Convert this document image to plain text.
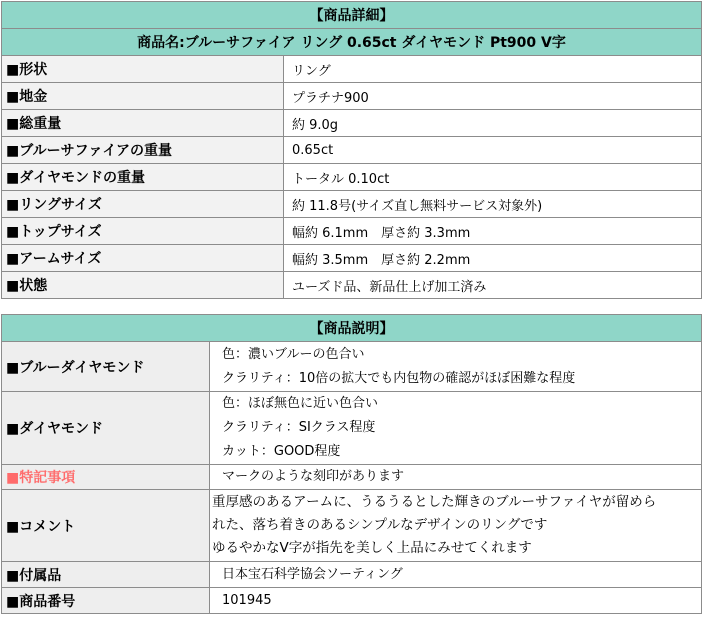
【商品詳細】	
商品名:ブルーサファイア リング 0.65ct ダイヤモンド Pt900 V字	
■形状	リング
■地金	プラチナ900
■総重量	約 9.0g
■ブルーサファイアの重量	0.65ct
■ダイヤモンドの重量	トータル 0.10ct
■リングサイズ	約 11.8号(サイズ直し無料サービス対象外)
■トップサイズ	幅約 6.1mm　厚さ約 3.3mm
■アームサイズ	幅約 3.5mm　厚さ約 2.2mm
■状態	ユーズド品、新品仕上げ加工済み
【商品説明】	
■ブルーダイヤモンド	色：濃いブルーの色合い
クラリティ：10倍の拡大でも内包物の確認がほぼ困難な程度

■ダイヤモンド	色：ほぼ無色に近い色合い
クラリティ：SIクラス程度
カット：GOOD程度

■特記事項	マークのような刻印があります

■コメント	重厚感のあるアームに、うるうるとした輝きのブルーサファイヤが留めら
れた、落ち着きのあるシンプルなデザインのリングです
ゆるやかなV字が指先を美しく上品にみせてくれます

■付属品	日本宝石科学協会ソーティング

■商品番号	101945
